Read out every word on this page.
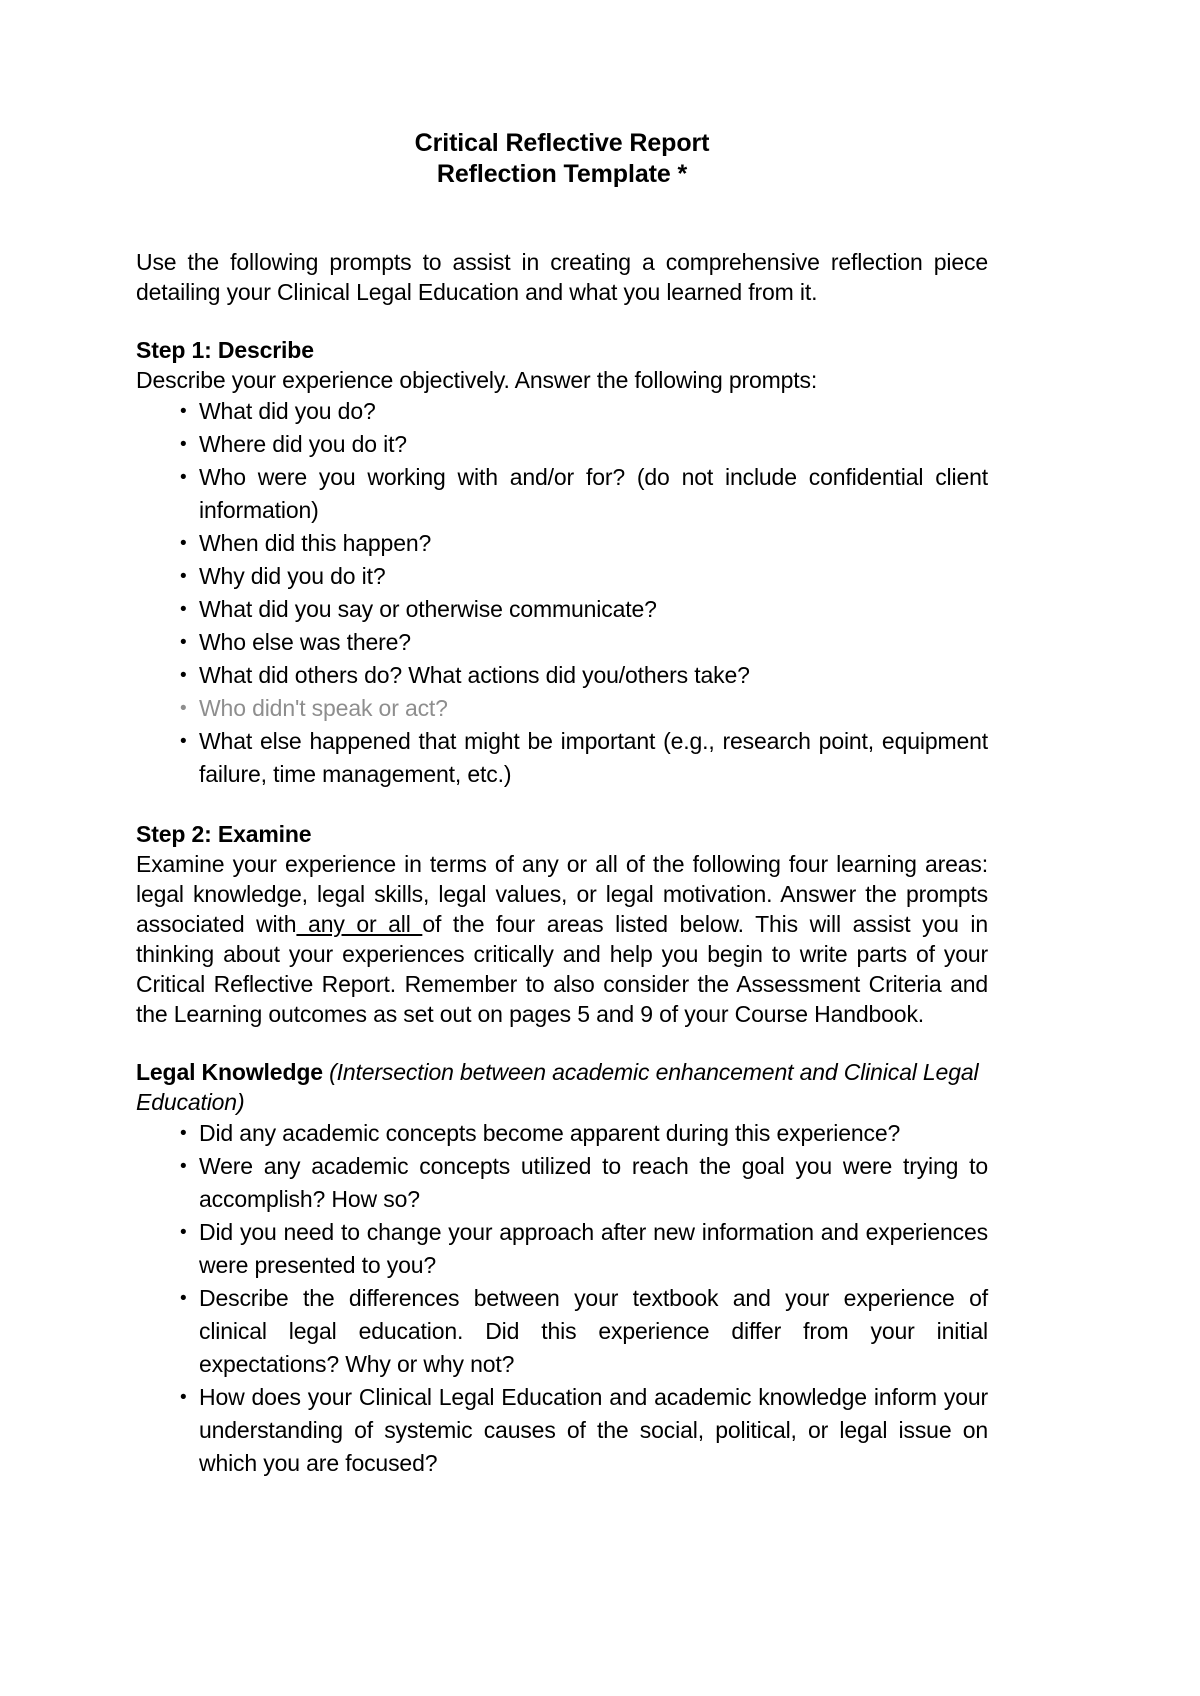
Critical Reflective Report
Reflection Template *

Use the following prompts to assist in creating a comprehensive reflection piece detailing your Clinical Legal Education and what you learned from it.

Step 1: Describe

Describe your experience objectively. Answer the following prompts:

• What did you do?
• Where did you do it?
• Who were you working with and/or for? (do not include confidential client information)
• When did this happen?
• Why did you do it?
• What did you say or otherwise communicate?
• Who else was there?
• What did others do? What actions did you/others take?
• Who didn't speak or act?
• What else happened that might be important (e.g., research point, equipment failure, time management, etc.)

Step 2: Examine

Examine your experience in terms of any or all of the following four learning areas: legal knowledge, legal skills, legal values, or legal motivation. Answer the prompts associated with any or all of the four areas listed below. This will assist you in thinking about your experiences critically and help you begin to write parts of your Critical Reflective Report. Remember to also consider the Assessment Criteria and the Learning outcomes as set out on pages 5 and 9 of your Course Handbook.

Legal Knowledge (Intersection between academic enhancement and Clinical Legal Education)

• Did any academic concepts become apparent during this experience?
• Were any academic concepts utilized to reach the goal you were trying to accomplish? How so?
• Did you need to change your approach after new information and experiences were presented to you?
• Describe the differences between your textbook and your experience of clinical legal education. Did this experience differ from your initial expectations? Why or why not?
• How does your Clinical Legal Education and academic knowledge inform your understanding of systemic causes of the social, political, or legal issue on which you are focused?
